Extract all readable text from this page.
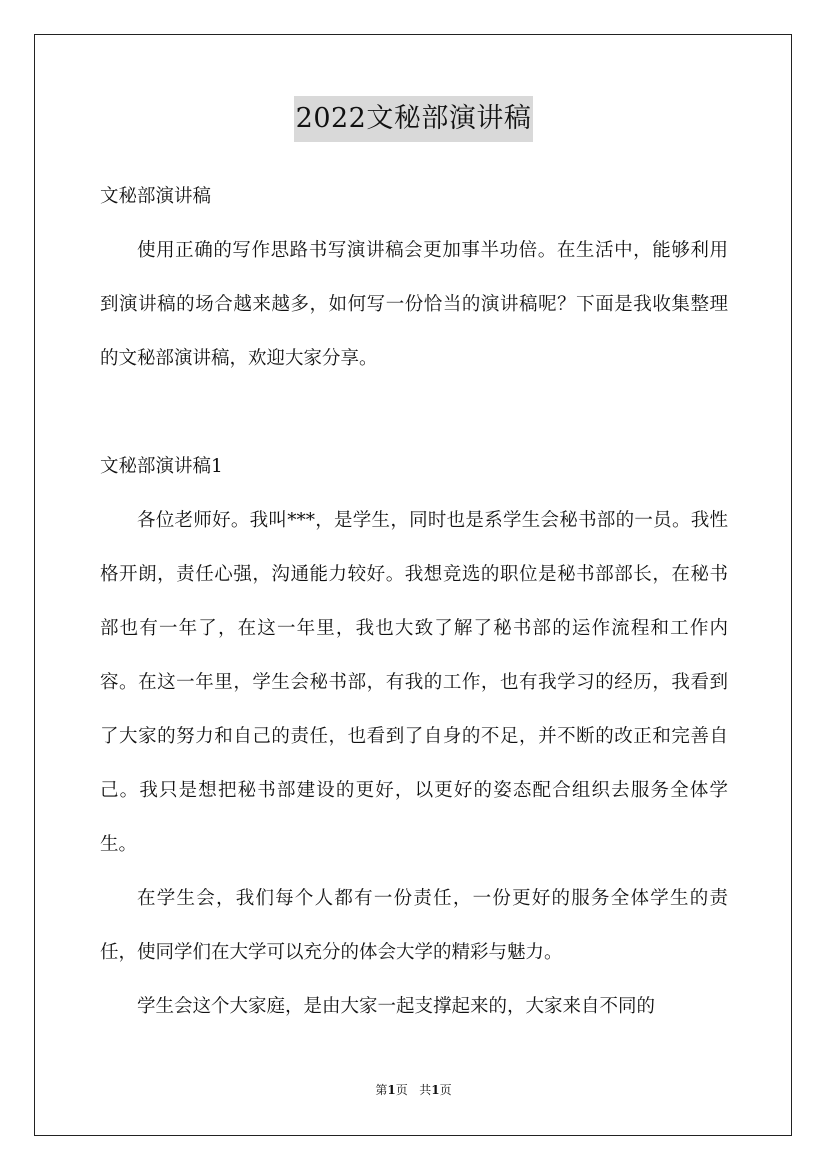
2022文秘部演讲稿

文秘部演讲稿

使用正确的写作思路书写演讲稿会更加事半功倍。在生活中，能够利用到演讲稿的场合越来越多，如何写一份恰当的演讲稿呢？下面是我收集整理的文秘部演讲稿，欢迎大家分享。

文秘部演讲稿1

各位老师好。我叫***，是学生，同时也是系学生会秘书部的一员。我性格开朗，责任心强，沟通能力较好。我想竞选的职位是秘书部部长，在秘书部也有一年了，在这一年里，我也大致了解了秘书部的运作流程和工作内容。在这一年里，学生会秘书部，有我的工作，也有我学习的经历，我看到了大家的努力和自己的责任，也看到了自身的不足，并不断的改正和完善自己。我只是想把秘书部建设的更好，以更好的姿态配合组织去服务全体学生。

在学生会，我们每个人都有一份责任，一份更好的服务全体学生的责任，使同学们在大学可以充分的体会大学的精彩与魅力。

学生会这个大家庭，是由大家一起支撑起来的，大家来自不同的

第1页 共1页
